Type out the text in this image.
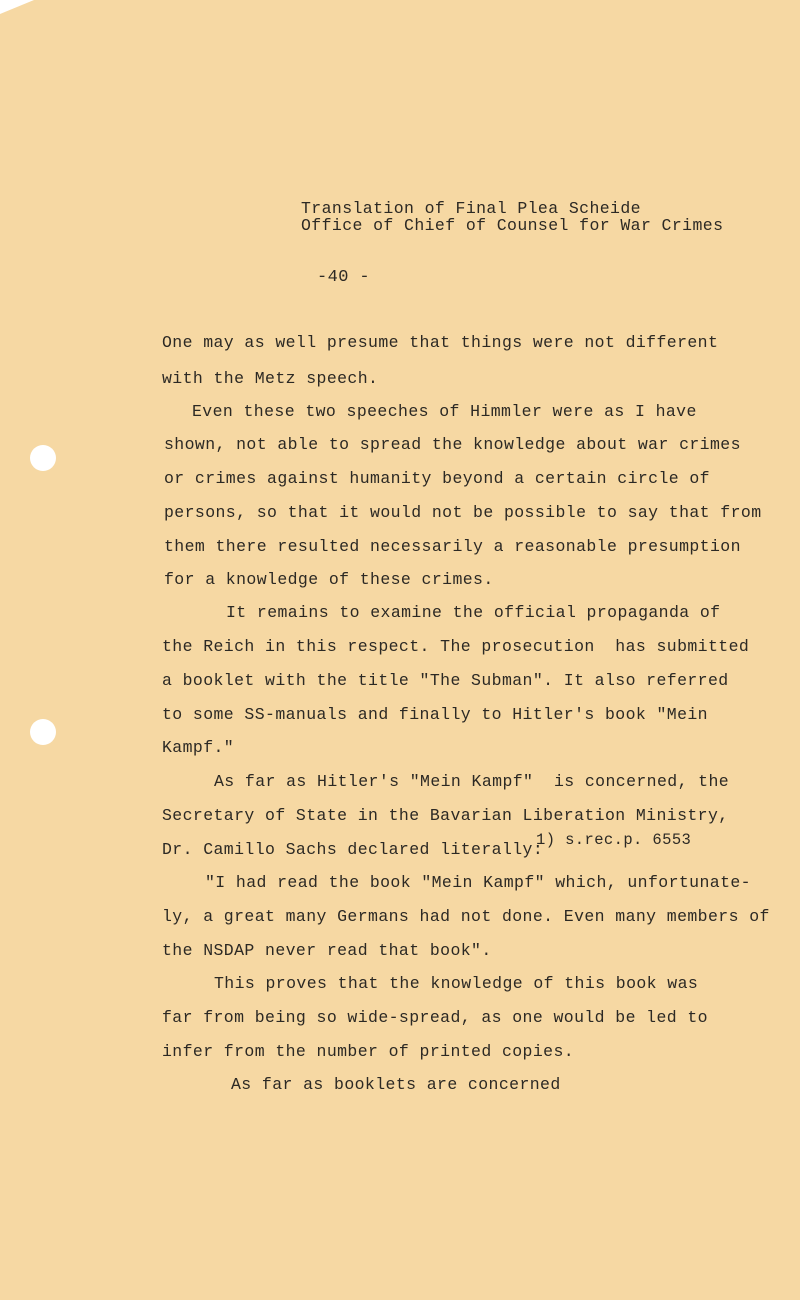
Translation of Final Plea Scheide
Office of Chief of Counsel for War Crimes
-40 -
One may as well presume that things were not different
with the Metz speech.
Even these two speeches of Himmler were as I have
shown, not able to spread the knowledge about war crimes
or crimes against humanity beyond a certain circle of
persons, so that it would not be possible to say that from
them there resulted necessarily a reasonable presumption
for a knowledge of these crimes.
It remains to examine the official propaganda of
the Reich in this respect. The prosecution  has submitted
a booklet with the title "The Subman". It also referred
to some SS-manuals and finally to Hitler's book "Mein
Kampf."
As far as Hitler's "Mein Kampf"  is concerned, the
Secretary of State in the Bavarian Liberation Ministry,
Dr. Camillo Sachs declared literally:
1) s.rec.p. 6553
"I had read the book "Mein Kampf" which, unfortunate-
ly, a great many Germans had not done. Even many members of
the NSDAP never read that book".
This proves that the knowledge of this book was
far from being so wide-spread, as one would be led to
infer from the number of printed copies.
As far as booklets are concerned
